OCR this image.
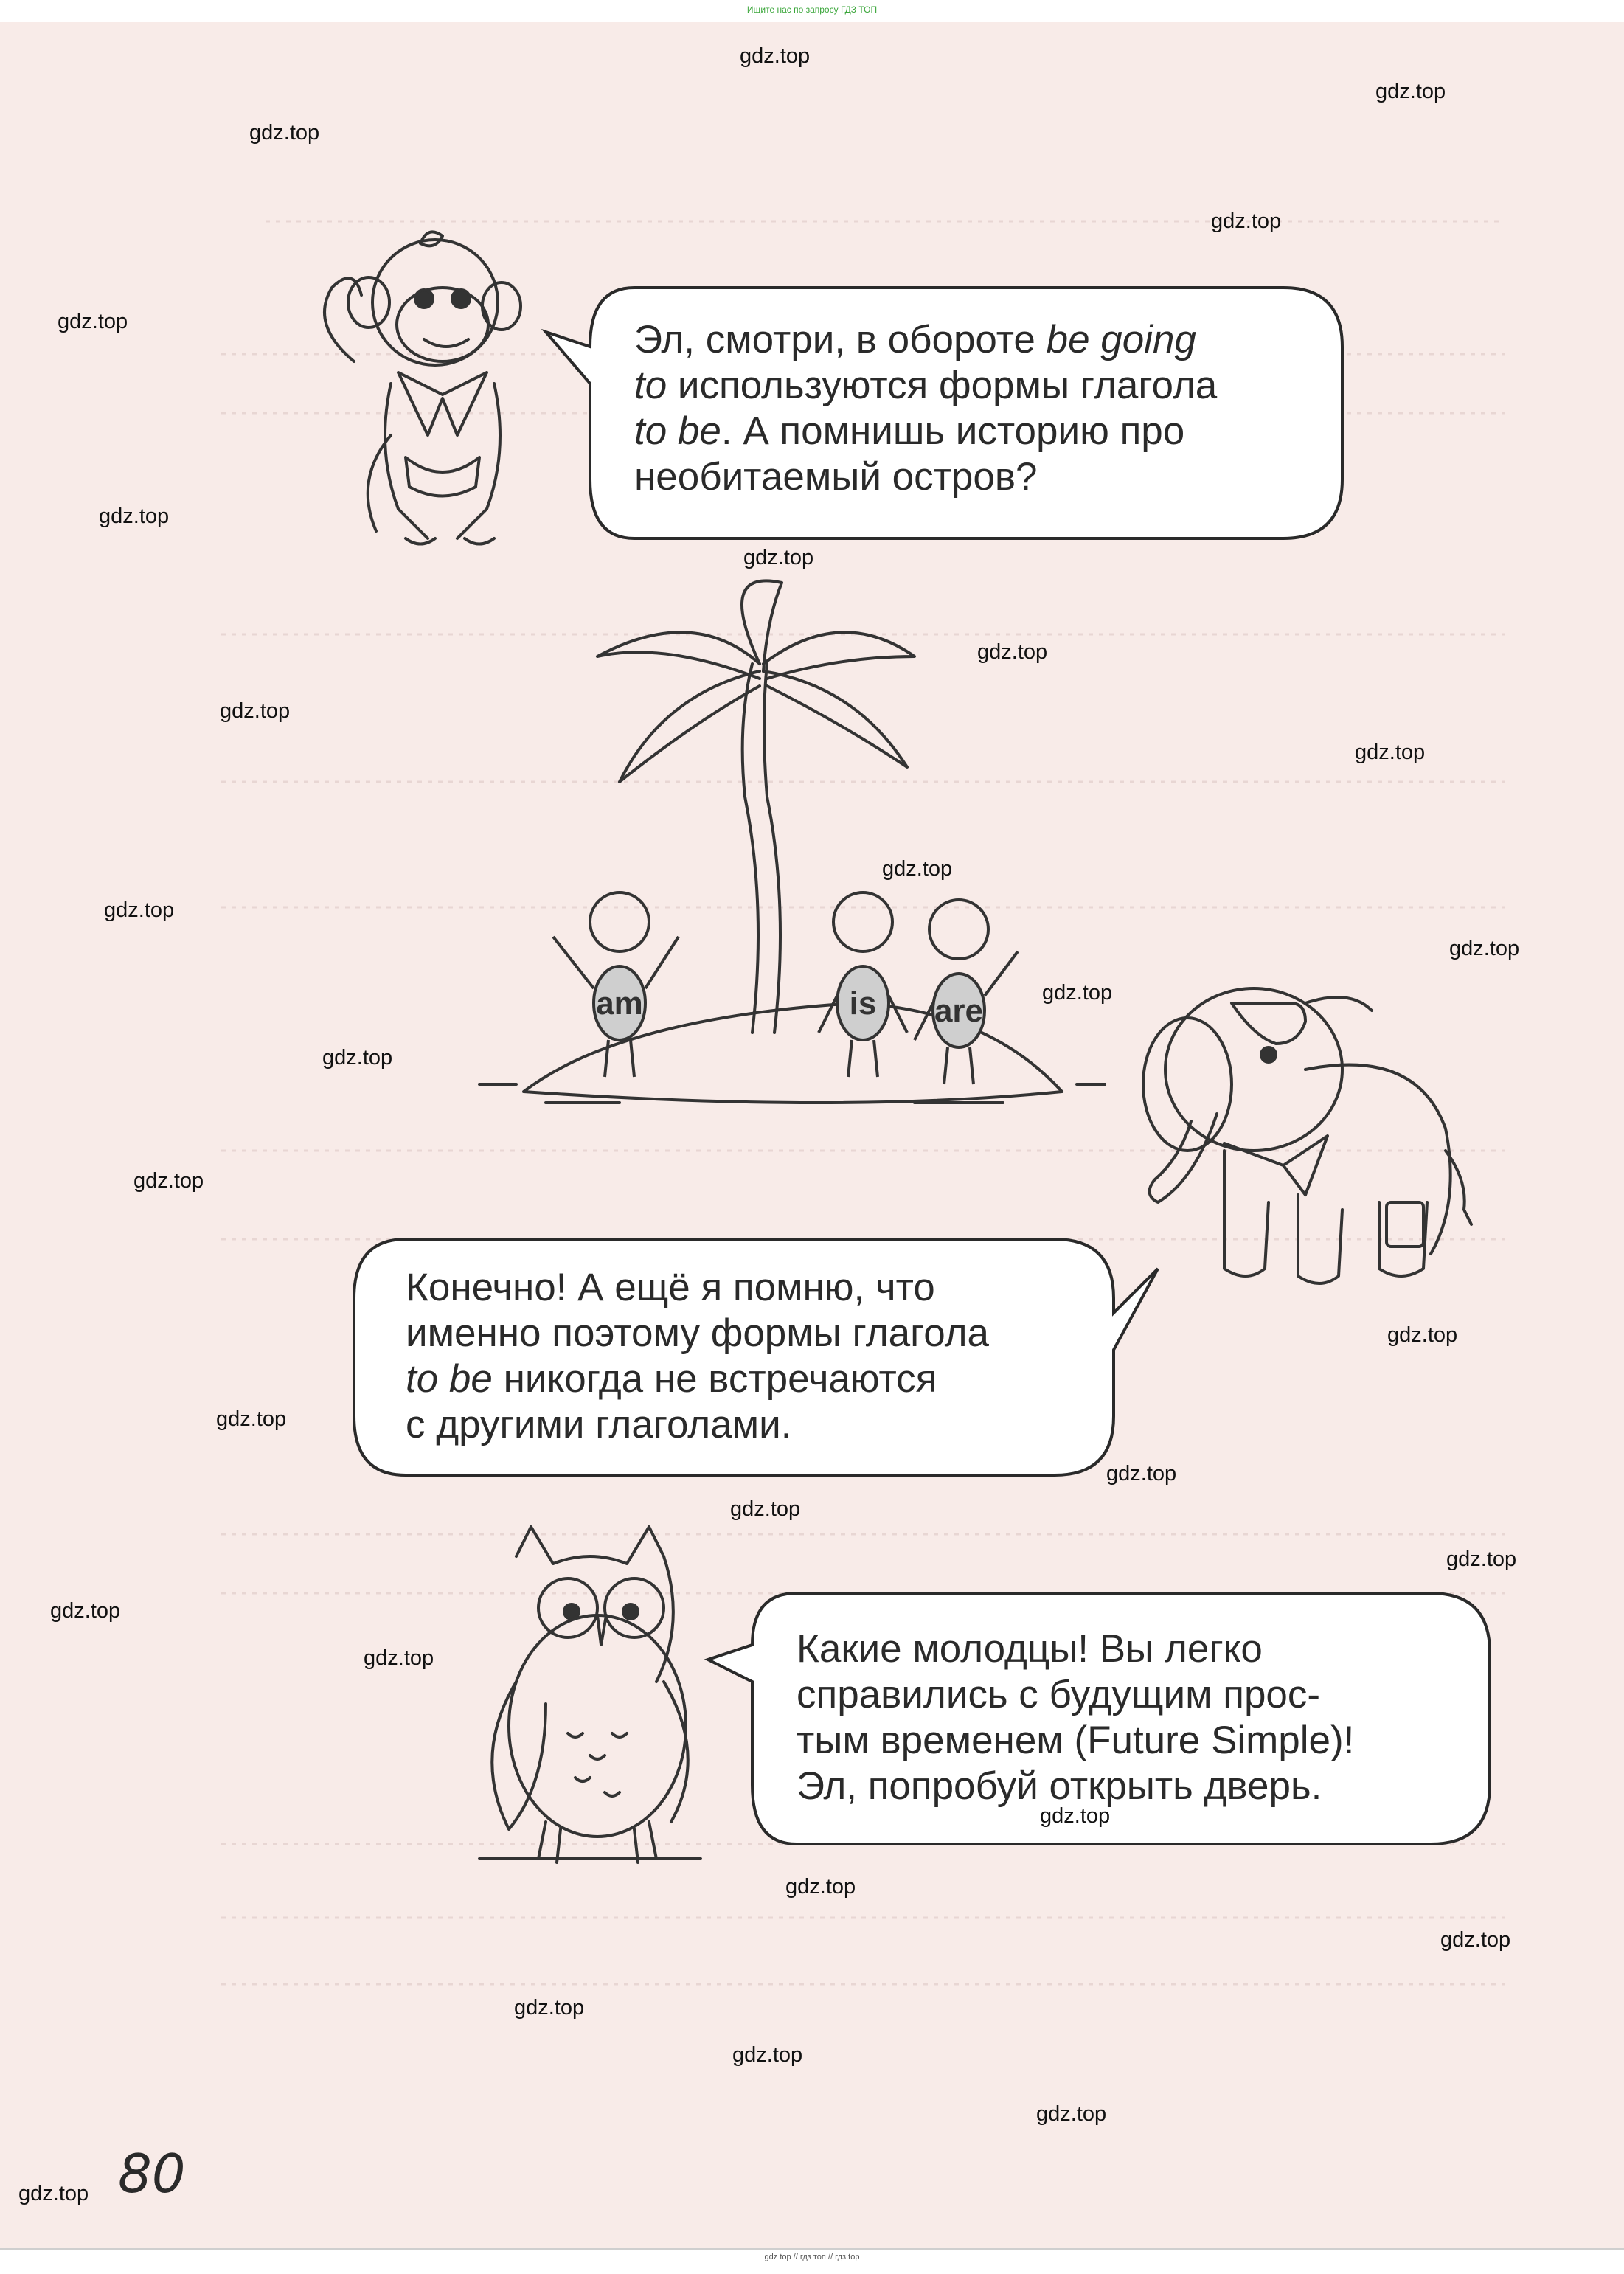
Ищите нас по запросу ГДЗ ТОП
Эл, смотри, в обороте be going
to используются формы глагола
to be. А помнишь историю про
необитаемый остров?
am	is are
Конечно! А ещё я помню, что
именно поэтому формы глагола
to be никогда не встречаются
с другими глаголами.
Какие молодцы! Вы легко
справились с будущим прос-
тым временем (Future Simple)!
Эл, попробуй открыть дверь.
80
gdz.top
gdz.top
gdz.top
gdz.top
gdz.top
gdz.top
gdz.top
gdz.top
gdz.top
gdz.top
gdz.top
gdz.top
gdz.top
gdz.top
gdz.top
gdz.top
gdz.top
gdz.top
gdz.top
gdz.top
gdz.top
gdz.top
gdz.top
gdz.top
gdz.top
gdz.top
gdz.top
gdz.top
gdz.top
gdz.top
gdz top // гдз топ // гдз.top
